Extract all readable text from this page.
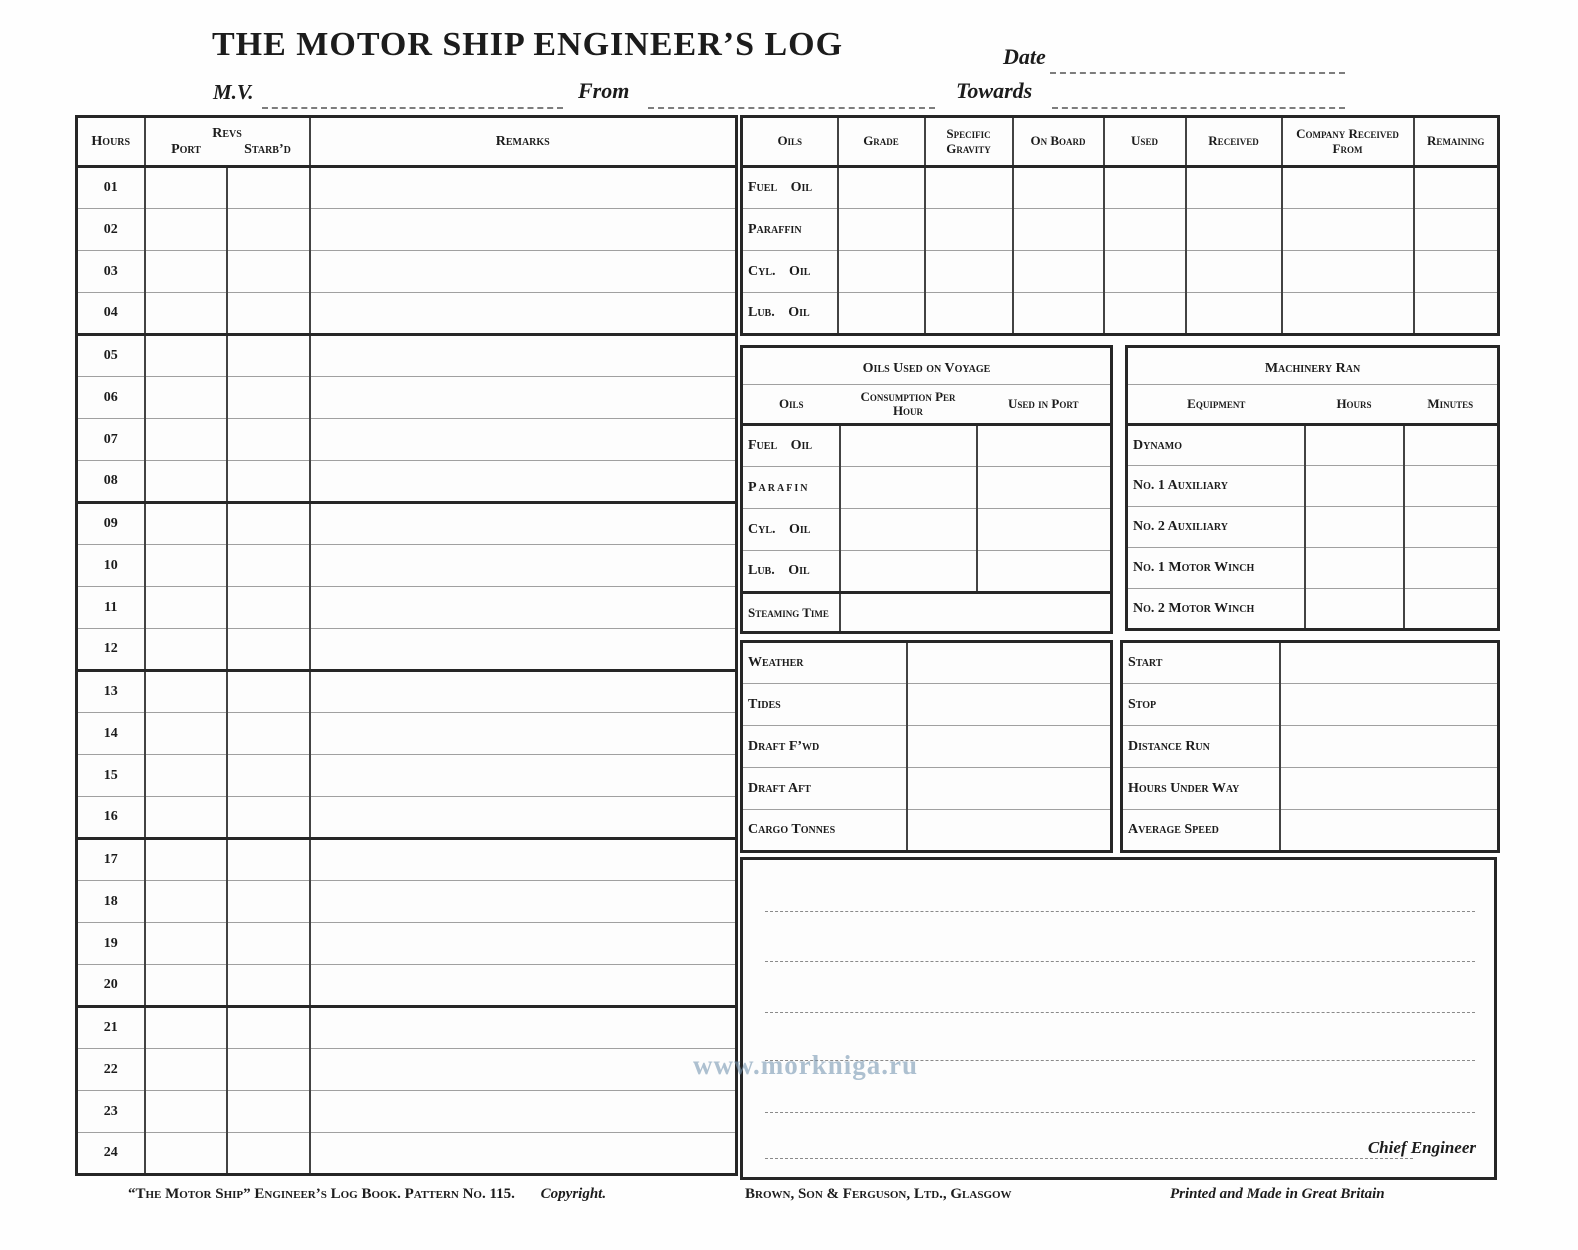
THE MOTOR SHIP ENGINEER’S LOG	Date
M.V.	From	Towards
Hours	Revs
Port Starb’d		Remarks
01			
02			
03			
04			
05			
06			
07			
08			
09			
10			
11			
12			
13			
14			
15			
16			
17			
18			
19			
20			
21			
22			
23			
24			
Oils	Grade	Specific Gravity	On Board	Used	Received	Company Received From	Remaining
Fuel Oil							
Paraffin							
Cyl. Oil							
Lub. Oil							
Oils Used on Voyage		
Oils	Consumption Per Hour	Used in Port
Fuel Oil		
Parafin		
Cyl. Oil		
Lub. Oil		
Steaming Time		
Machinery Ran		
Equipment	Hours	Minutes
Dynamo		
No. 1 Auxiliary		
No. 2 Auxiliary		
No. 1 Motor Winch		
No. 2 Motor Winch		
Weather	
Tides	
Draft F’wd	
Draft Aft	
Cargo Tonnes	
Start	
Stop	
Distance Run	
Hours Under Way	
Average Speed	
Chief Engineer
www.morkniga.ru
“The Motor Ship” Engineer’s Log Book. Pattern No. 115. Copyright.	Brown, Son & Ferguson, Ltd., Glasgow	Printed and Made in Great Britain
